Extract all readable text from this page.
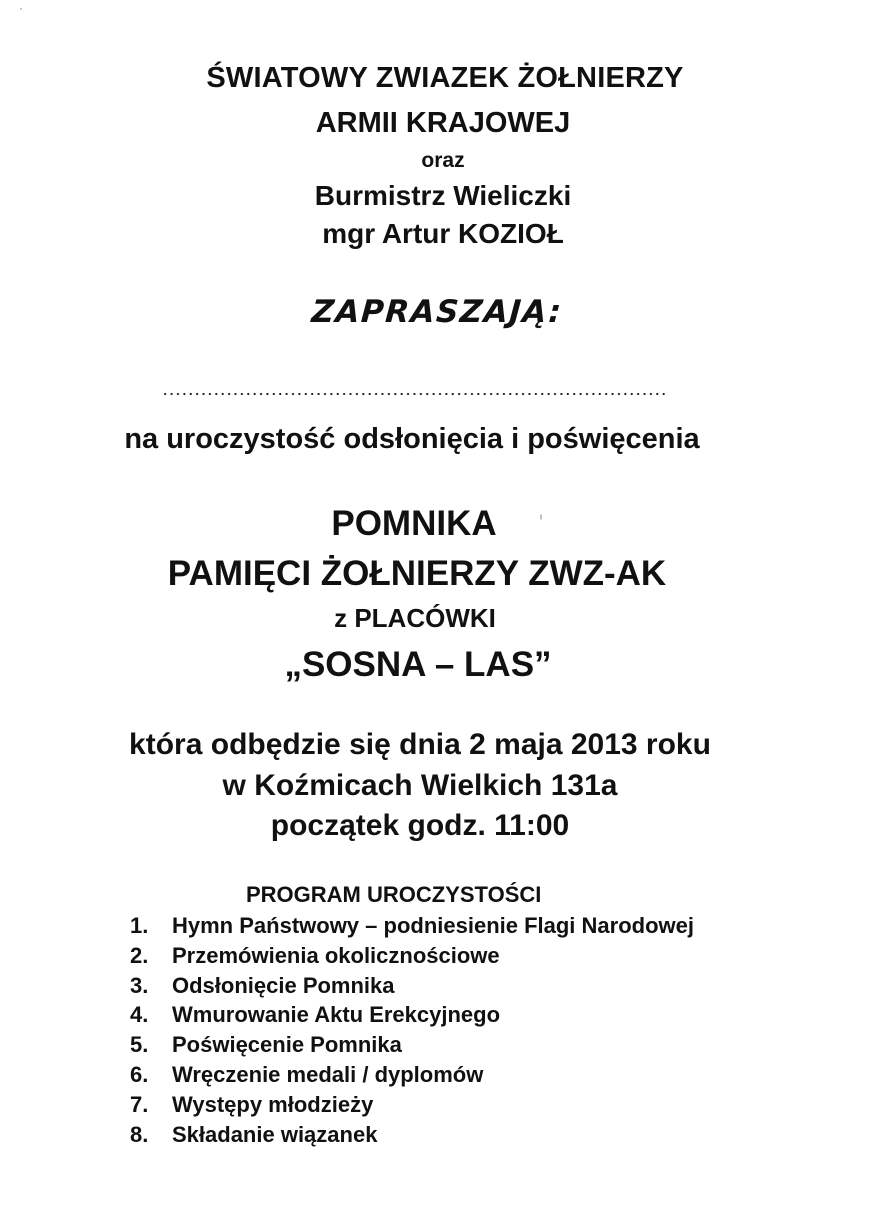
ŚWIATOWY ZWIAZEK ŻOŁNIERZY
ARMII KRAJOWEJ
oraz
Burmistrz Wieliczki
mgr Artur KOZIOŁ
ZAPRASZAJĄ:
na uroczystość odsłonięcia i poświęcenia
POMNIKA
PAMIĘCI ŻOŁNIERZY ZWZ-AK
z PLACÓWKI
„SOSNA – LAS”
która odbędzie się dnia 2 maja 2013 roku
w Koźmicach Wielkich 131a
początek godz. 11:00
PROGRAM UROCZYSTOŚCI
1. Hymn Państwowy – podniesienie Flagi Narodowej
2. Przemówienia okolicznościowe
3. Odsłonięcie Pomnika
4. Wmurowanie Aktu Erekcyjnego
5. Poświęcenie Pomnika
6. Wręczenie medali / dyplomów
7. Występy młodzieży
8. Składanie wiązanek
